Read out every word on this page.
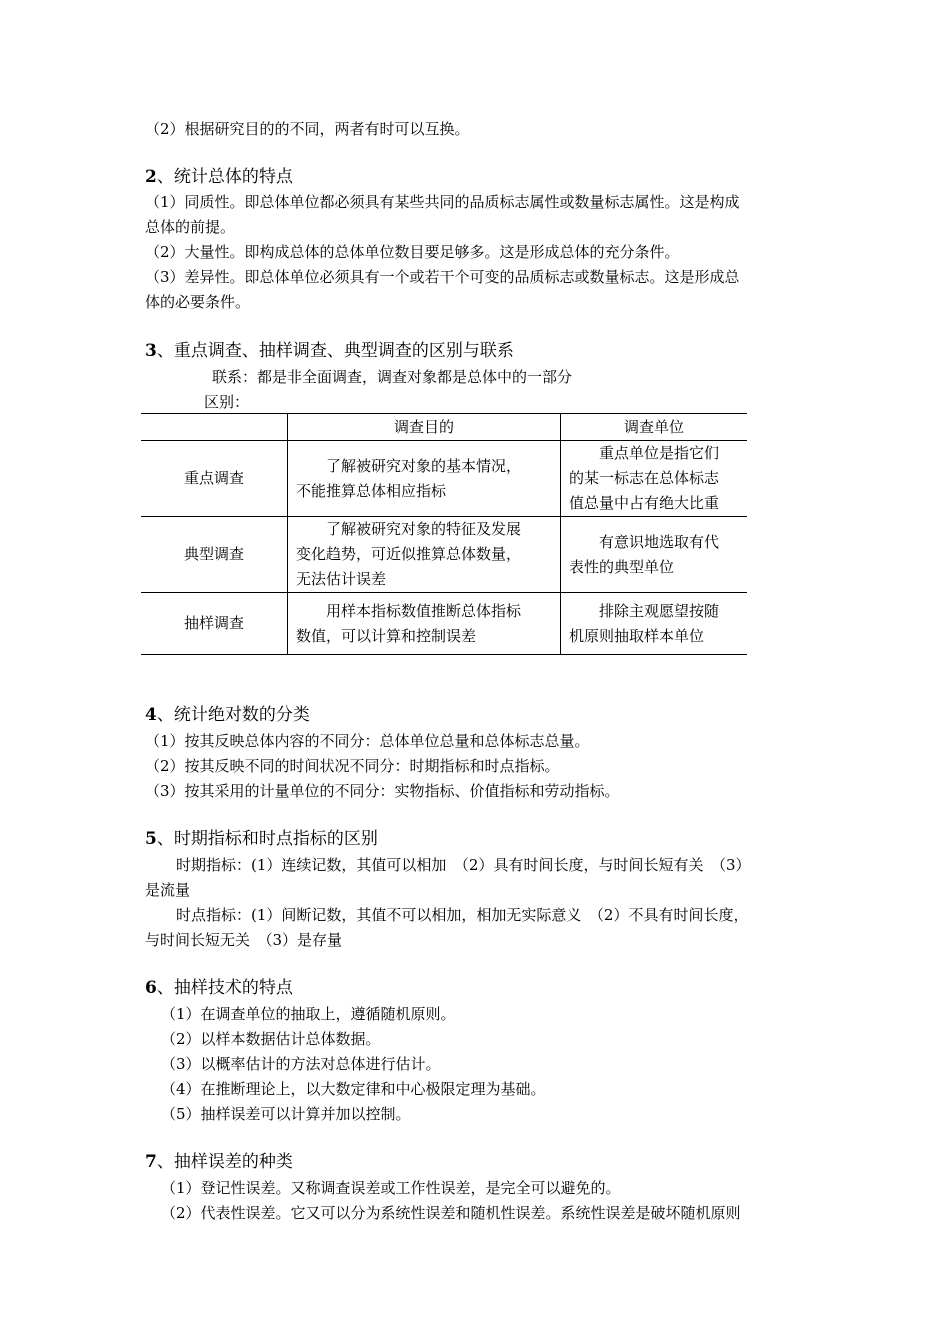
（2）根据研究目的的不同，两者有时可以互换。
2、统计总体的特点
（1）同质性。即总体单位都必须具有某些共同的品质标志属性或数量标志属性。这是构成
总体的前提。
（2）大量性。即构成总体的总体单位数目要足够多。这是形成总体的充分条件。
（3）差异性。即总体单位必须具有一个或若干个可变的品质标志或数量标志。这是形成总
体的必要条件。
3、重点调查、抽样调查、典型调查的区别与联系
联系：都是非全面调查，调查对象都是总体中的一部分
区别：
	调查目的	调查单位
重点调查	　　了解被研究对象的基本情况，
不能推算总体相应指标	　　重点单位是指它们
的某一标志在总体标志
值总量中占有绝大比重
典型调查	　　了解被研究对象的特征及发展
变化趋势，可近似推算总体数量，
无法估计误差	　　有意识地选取有代
表性的典型单位
抽样调查	　　用样本指标数值推断总体指标
数值，可以计算和控制误差	　　排除主观愿望按随
机原则抽取样本单位
4、统计绝对数的分类
（1）按其反映总体内容的不同分：总体单位总量和总体标志总量。
（2）按其反映不同的时间状况不同分：时期指标和时点指标。
（3）按其采用的计量单位的不同分：实物指标、价值指标和劳动指标。
5、时期指标和时点指标的区别
时期指标：(1）连续记数，其值可以相加　（2）具有时间长度，与时间长短有关　（3）
是流量
时点指标：(1）间断记数，其值不可以相加，相加无实际意义　（2）不具有时间长度，
与时间长短无关　（3）是存量
6、抽样技术的特点
（1）在调查单位的抽取上，遵循随机原则。
（2）以样本数据估计总体数据。
（3）以概率估计的方法对总体进行估计。
（4）在推断理论上，以大数定律和中心极限定理为基础。
（5）抽样误差可以计算并加以控制。
7、抽样误差的种类
（1）登记性误差。又称调查误差或工作性误差，是完全可以避免的。
（2）代表性误差。它又可以分为系统性误差和随机性误差。系统性误差是破坏随机原则
